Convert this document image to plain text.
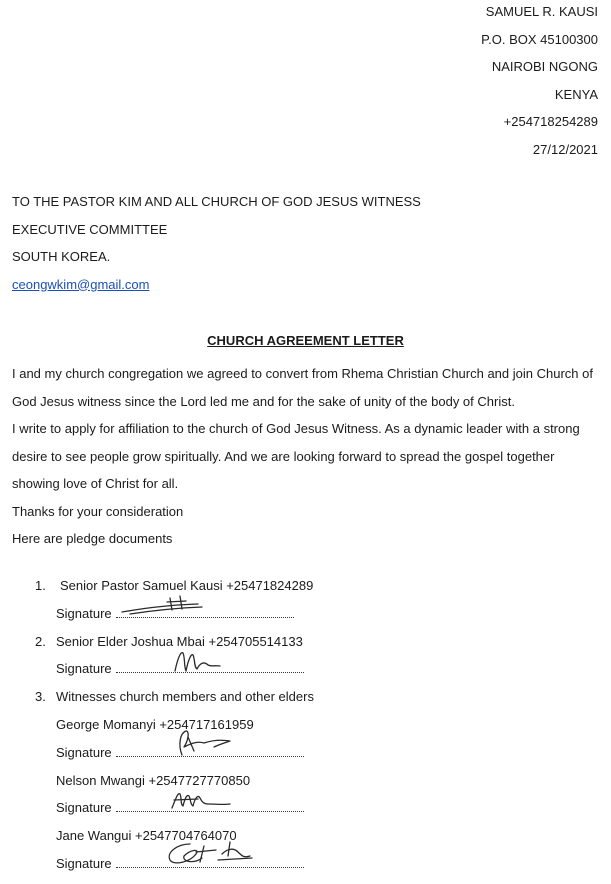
SAMUEL R. KAUSI
P.O. BOX 45100300
NAIROBI NGONG
KENYA
+254718254289
27/12/2021
TO THE PASTOR KIM AND ALL CHURCH OF GOD JESUS WITNESS
EXECUTIVE COMMITTEE
SOUTH KOREA.
ceongwkim@gmail.com
CHURCH AGREEMENT LETTER

I and my church congregation we agreed to convert from Rhema Christian Church and join Church of God Jesus witness since the Lord led me and for the sake of unity of the body of Christ.

I write to apply for affiliation to the church of God Jesus Witness. As a dynamic leader with a strong desire to see people grow spiritually. And we are looking forward to spread the gospel together showing love of Christ for all.

Thanks for your consideration

Here are pledge documents

1. Senior Pastor Samuel Kausi +25471824289
Signature
2. Senior Elder Joshua Mbai +254705514133
Signature
3. Witnesses church members and other elders
George Momanyi +254717161959
Signature
Nelson Mwangi +2547727770850
Signature
Jane Wangui +2547704764070
Signature
